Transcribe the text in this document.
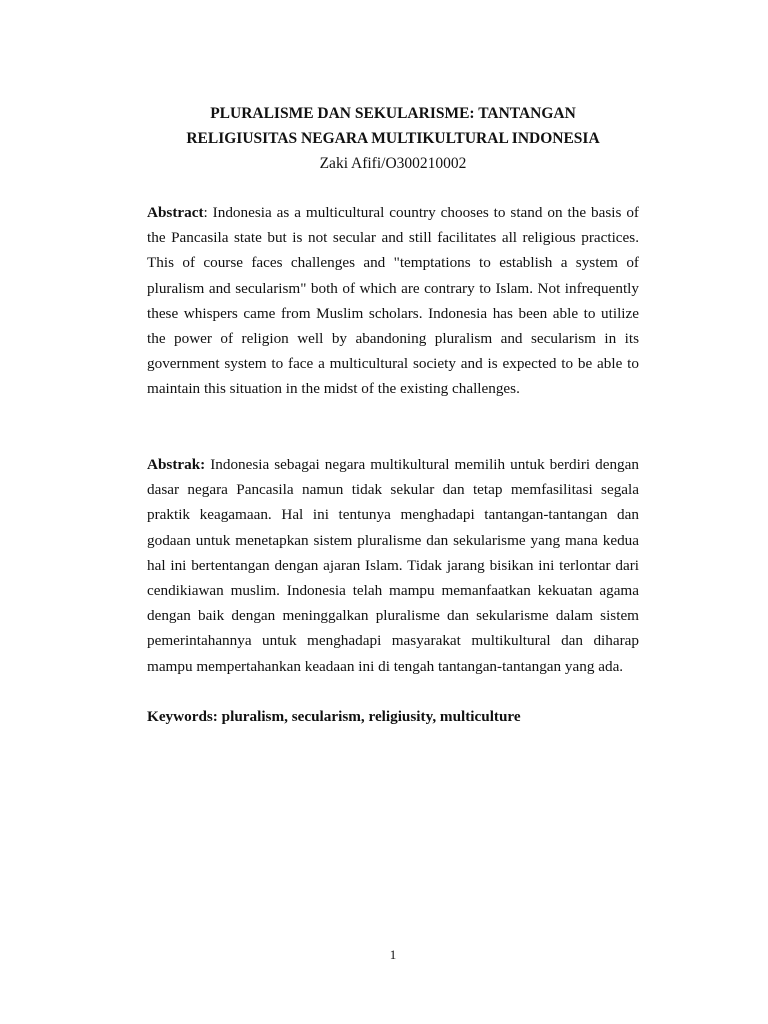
PLURALISME DAN SEKULARISME: TANTANGAN
RELIGIUSITAS NEGARA MULTIKULTURAL INDONESIA
Zaki Afifi/O300210002

Abstract: Indonesia as a multicultural country chooses to stand on the basis of the Pancasila state but is not secular and still facilitates all religious practices. This of course faces challenges and "temptations to establish a system of pluralism and secularism" both of which are contrary to Islam. Not infrequently these whispers came from Muslim scholars. Indonesia has been able to utilize the power of religion well by abandoning pluralism and secularism in its government system to face a multicultural society and is expected to be able to maintain this situation in the midst of the existing challenges.

Abstrak: Indonesia sebagai negara multikultural memilih untuk berdiri dengan dasar negara Pancasila namun tidak sekular dan tetap memfasilitasi segala praktik keagamaan. Hal ini tentunya menghadapi tantangan-tantangan dan godaan untuk menetapkan sistem pluralisme dan sekularisme yang mana kedua hal ini bertentangan dengan ajaran Islam. Tidak jarang bisikan ini terlontar dari cendikiawan muslim. Indonesia telah mampu memanfaatkan kekuatan agama dengan baik dengan meninggalkan pluralisme dan sekularisme dalam sistem pemerintahannya untuk menghadapi masyarakat multikultural dan diharap mampu mempertahankan keadaan ini di tengah tantangan-tantangan yang ada.

Keywords: pluralism, secularism, religiusity, multiculture
1
